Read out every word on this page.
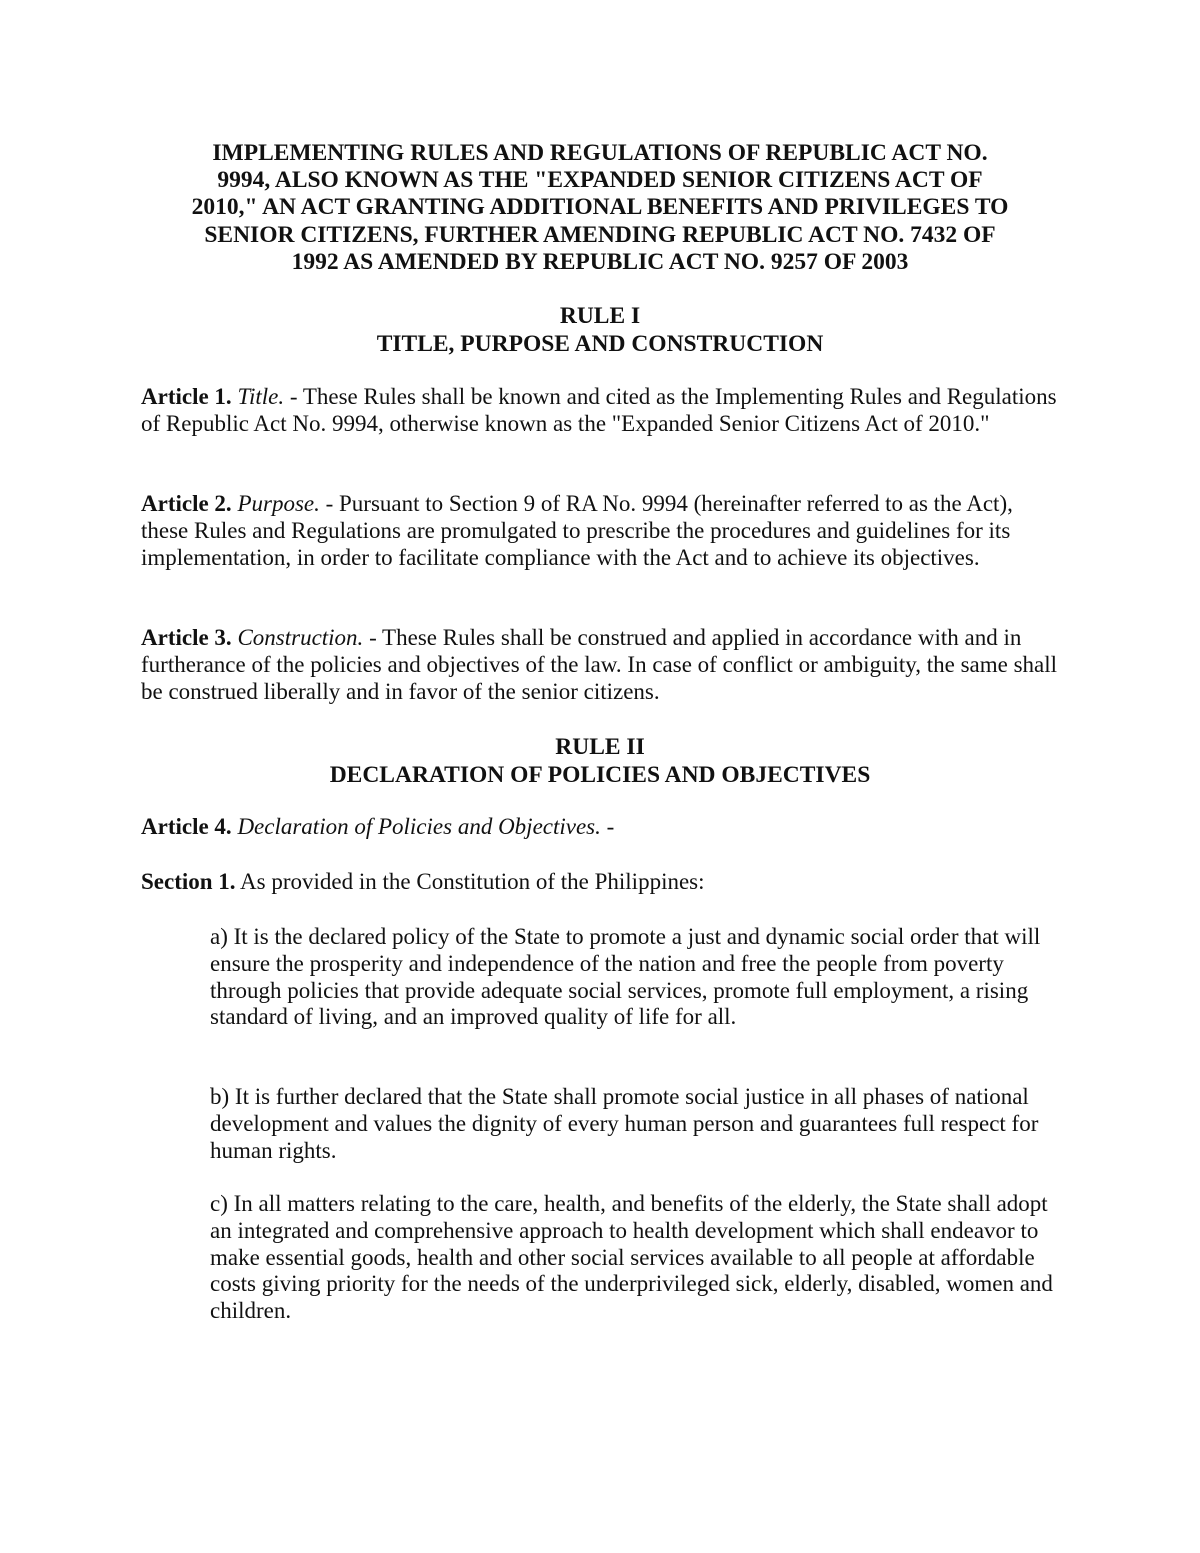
IMPLEMENTING RULES AND REGULATIONS OF REPUBLIC ACT NO.
9994, ALSO KNOWN AS THE "EXPANDED SENIOR CITIZENS ACT OF
2010," AN ACT GRANTING ADDITIONAL BENEFITS AND PRIVILEGES TO
SENIOR CITIZENS, FURTHER AMENDING REPUBLIC ACT NO. 7432 OF
1992 AS AMENDED BY REPUBLIC ACT NO. 9257 OF 2003
RULE I
TITLE, PURPOSE AND CONSTRUCTION

Article 1. Title. - These Rules shall be known and cited as the Implementing Rules and Regulations of Republic Act No. 9994, otherwise known as the "Expanded Senior Citizens Act of 2010."

Article 2. Purpose. - Pursuant to Section 9 of RA No. 9994 (hereinafter referred to as the Act), these Rules and Regulations are promulgated to prescribe the procedures and guidelines for its implementation, in order to facilitate compliance with the Act and to achieve its objectives.

Article 3. Construction. - These Rules shall be construed and applied in accordance with and in furtherance of the policies and objectives of the law. In case of conflict or ambiguity, the same shall be construed liberally and in favor of the senior citizens.

RULE II
DECLARATION OF POLICIES AND OBJECTIVES

Article 4. Declaration of Policies and Objectives. -

Section 1. As provided in the Constitution of the Philippines:

a) It is the declared policy of the State to promote a just and dynamic social order that will ensure the prosperity and independence of the nation and free the people from poverty through policies that provide adequate social services, promote full employment, a rising standard of living, and an improved quality of life for all.

b) It is further declared that the State shall promote social justice in all phases of national development and values the dignity of every human person and guarantees full respect for human rights.

c) In all matters relating to the care, health, and benefits of the elderly, the State shall adopt an integrated and comprehensive approach to health development which shall endeavor to make essential goods, health and other social services available to all people at affordable costs giving priority for the needs of the underprivileged sick, elderly, disabled, women and children.
